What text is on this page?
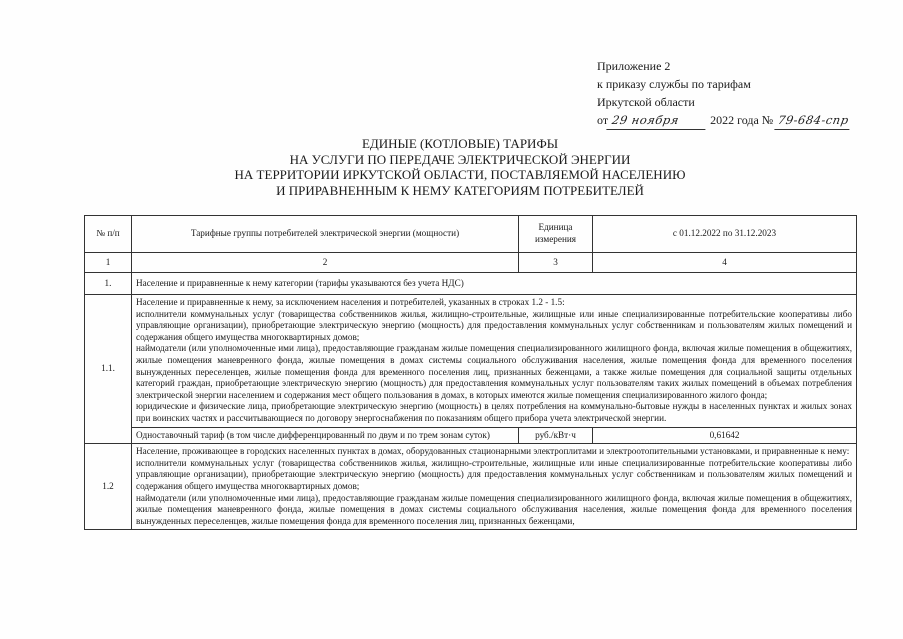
Приложение 2
к приказу службы по тарифам
Иркутской области
от 29 ноября 2022 года № 79-684-спр
ЕДИНЫЕ (КОТЛОВЫЕ) ТАРИФЫ
НА УСЛУГИ ПО ПЕРЕДАЧЕ ЭЛЕКТРИЧЕСКОЙ ЭНЕРГИИ
НА ТЕРРИТОРИИ ИРКУТСКОЙ ОБЛАСТИ, ПОСТАВЛЯЕМОЙ НАСЕЛЕНИЮ
И ПРИРАВНЕННЫМ К НЕМУ КАТЕГОРИЯМ ПОТРЕБИТЕЛЕЙ
№ п/п	Тарифные группы потребителей электрической энергии (мощности)	Единица измерения	с 01.12.2022 по 31.12.2023
1	2	3	4
1.	Население и приравненные к нему категории (тарифы указываются без учета НДС)		
1.1.	Население и приравненные к нему, за исключением населения и потребителей, указанных в строках 1.2 - 1.5:
исполнители коммунальных услуг (товарищества собственников жилья, жилищно-строительные, жилищные или иные специализированные потребительские кооперативы либо управляющие организации), приобретающие электрическую энергию (мощность) для предоставления коммунальных услуг собственникам и пользователям жилых помещений и содержания общего имущества многоквартирных домов;
наймодатели (или уполномоченные ими лица), предоставляющие гражданам жилые помещения специализированного жилищного фонда, включая жилые помещения в общежитиях, жилые помещения маневренного фонда, жилые помещения в домах системы социального обслуживания населения, жилые помещения фонда для временного поселения вынужденных переселенцев, жилые помещения фонда для временного поселения лиц, признанных беженцами, а также жилые помещения для социальной защиты отдельных категорий граждан, приобретающие электрическую энергию (мощность) для предоставления коммунальных услуг пользователям таких жилых помещений в объемах потребления электрической энергии населением и содержания мест общего пользования в домах, в которых имеются жилые помещения специализированного жилого фонда;
юридические и физические лица, приобретающие электрическую энергию (мощность) в целях потребления на коммунально-бытовые нужды в населенных пунктах и жилых зонах при воинских частях и рассчитывающиеся по договору энергоснабжения по показаниям общего прибора учета электрической энергии.		

	Одноставочный тариф (в том числе дифференцированный по двум и по трем зонам суток)	руб./кВт·ч	0,61642
1.2	Население, проживающее в городских населенных пунктах в домах, оборудованных стационарными электроплитами и электроотопительными установками, и приравненные к нему:
исполнители коммунальных услуг (товарищества собственников жилья, жилищно-строительные, жилищные или иные специализированные потребительские кооперативы либо управляющие организации), приобретающие электрическую энергию (мощность) для предоставления коммунальных услуг собственникам и пользователям жилых помещений и содержания общего имущества многоквартирных домов;
наймодатели (или уполномоченные ими лица), предоставляющие гражданам жилые помещения специализированного жилищного фонда, включая жилые помещения в общежитиях, жилые помещения маневренного фонда, жилые помещения в домах системы социального обслуживания населения, жилые помещения фонда для временного поселения вынужденных переселенцев, жилые помещения фонда для временного поселения лиц, признанных беженцами,		
